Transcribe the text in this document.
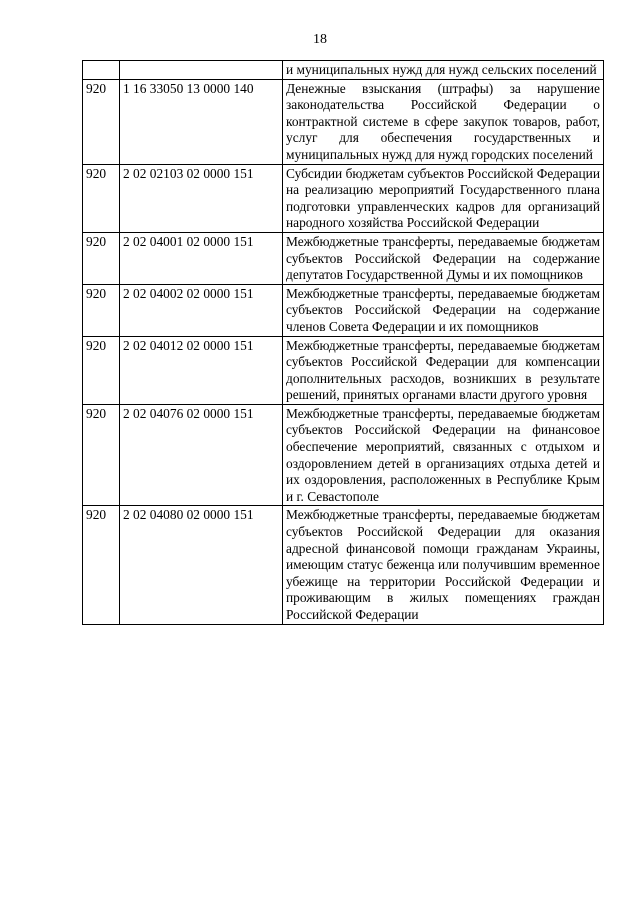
18
		и муниципальных нужд для нужд сельских поселений
920	1 16 33050 13 0000 140	Денежные взыскания (штрафы) за нарушение законодательства Российской Федерации о контрактной системе в сфере закупок товаров, работ, услуг для обеспечения государственных и муниципальных нужд для нужд городских поселений
920	2 02 02103 02 0000 151	Субсидии бюджетам субъектов Российской Федерации на реализацию мероприятий Государственного плана подготовки управленческих кадров для организаций народного хозяйства Российской Федерации
920	2 02 04001 02 0000 151	Межбюджетные трансферты, передаваемые бюджетам субъектов Российской Федерации на содержание депутатов Государственной Думы и их помощников
920	2 02 04002 02 0000 151	Межбюджетные трансферты, передаваемые бюджетам субъектов Российской Федерации на содержание членов Совета Федерации и их помощников
920	2 02 04012 02 0000 151	Межбюджетные трансферты, передаваемые бюджетам субъектов Российской Федерации для компенсации дополнительных расходов, возникших в результате решений, принятых органами власти другого уровня
920	2 02 04076 02 0000 151	Межбюджетные трансферты, передаваемые бюджетам субъектов Российской Федерации на финансовое обеспечение мероприятий, связанных с отдыхом и оздоровлением детей в организациях отдыха детей и их оздоровления, расположенных в Республике Крым и г. Севастополе
920	2 02 04080 02 0000 151	Межбюджетные трансферты, передаваемые бюджетам субъектов Российской Федерации для оказания адресной финансовой помощи гражданам Украины, имеющим статус беженца или получившим временное убежище на территории Российской Федерации и проживающим в жилых помещениях граждан Российской Федерации
